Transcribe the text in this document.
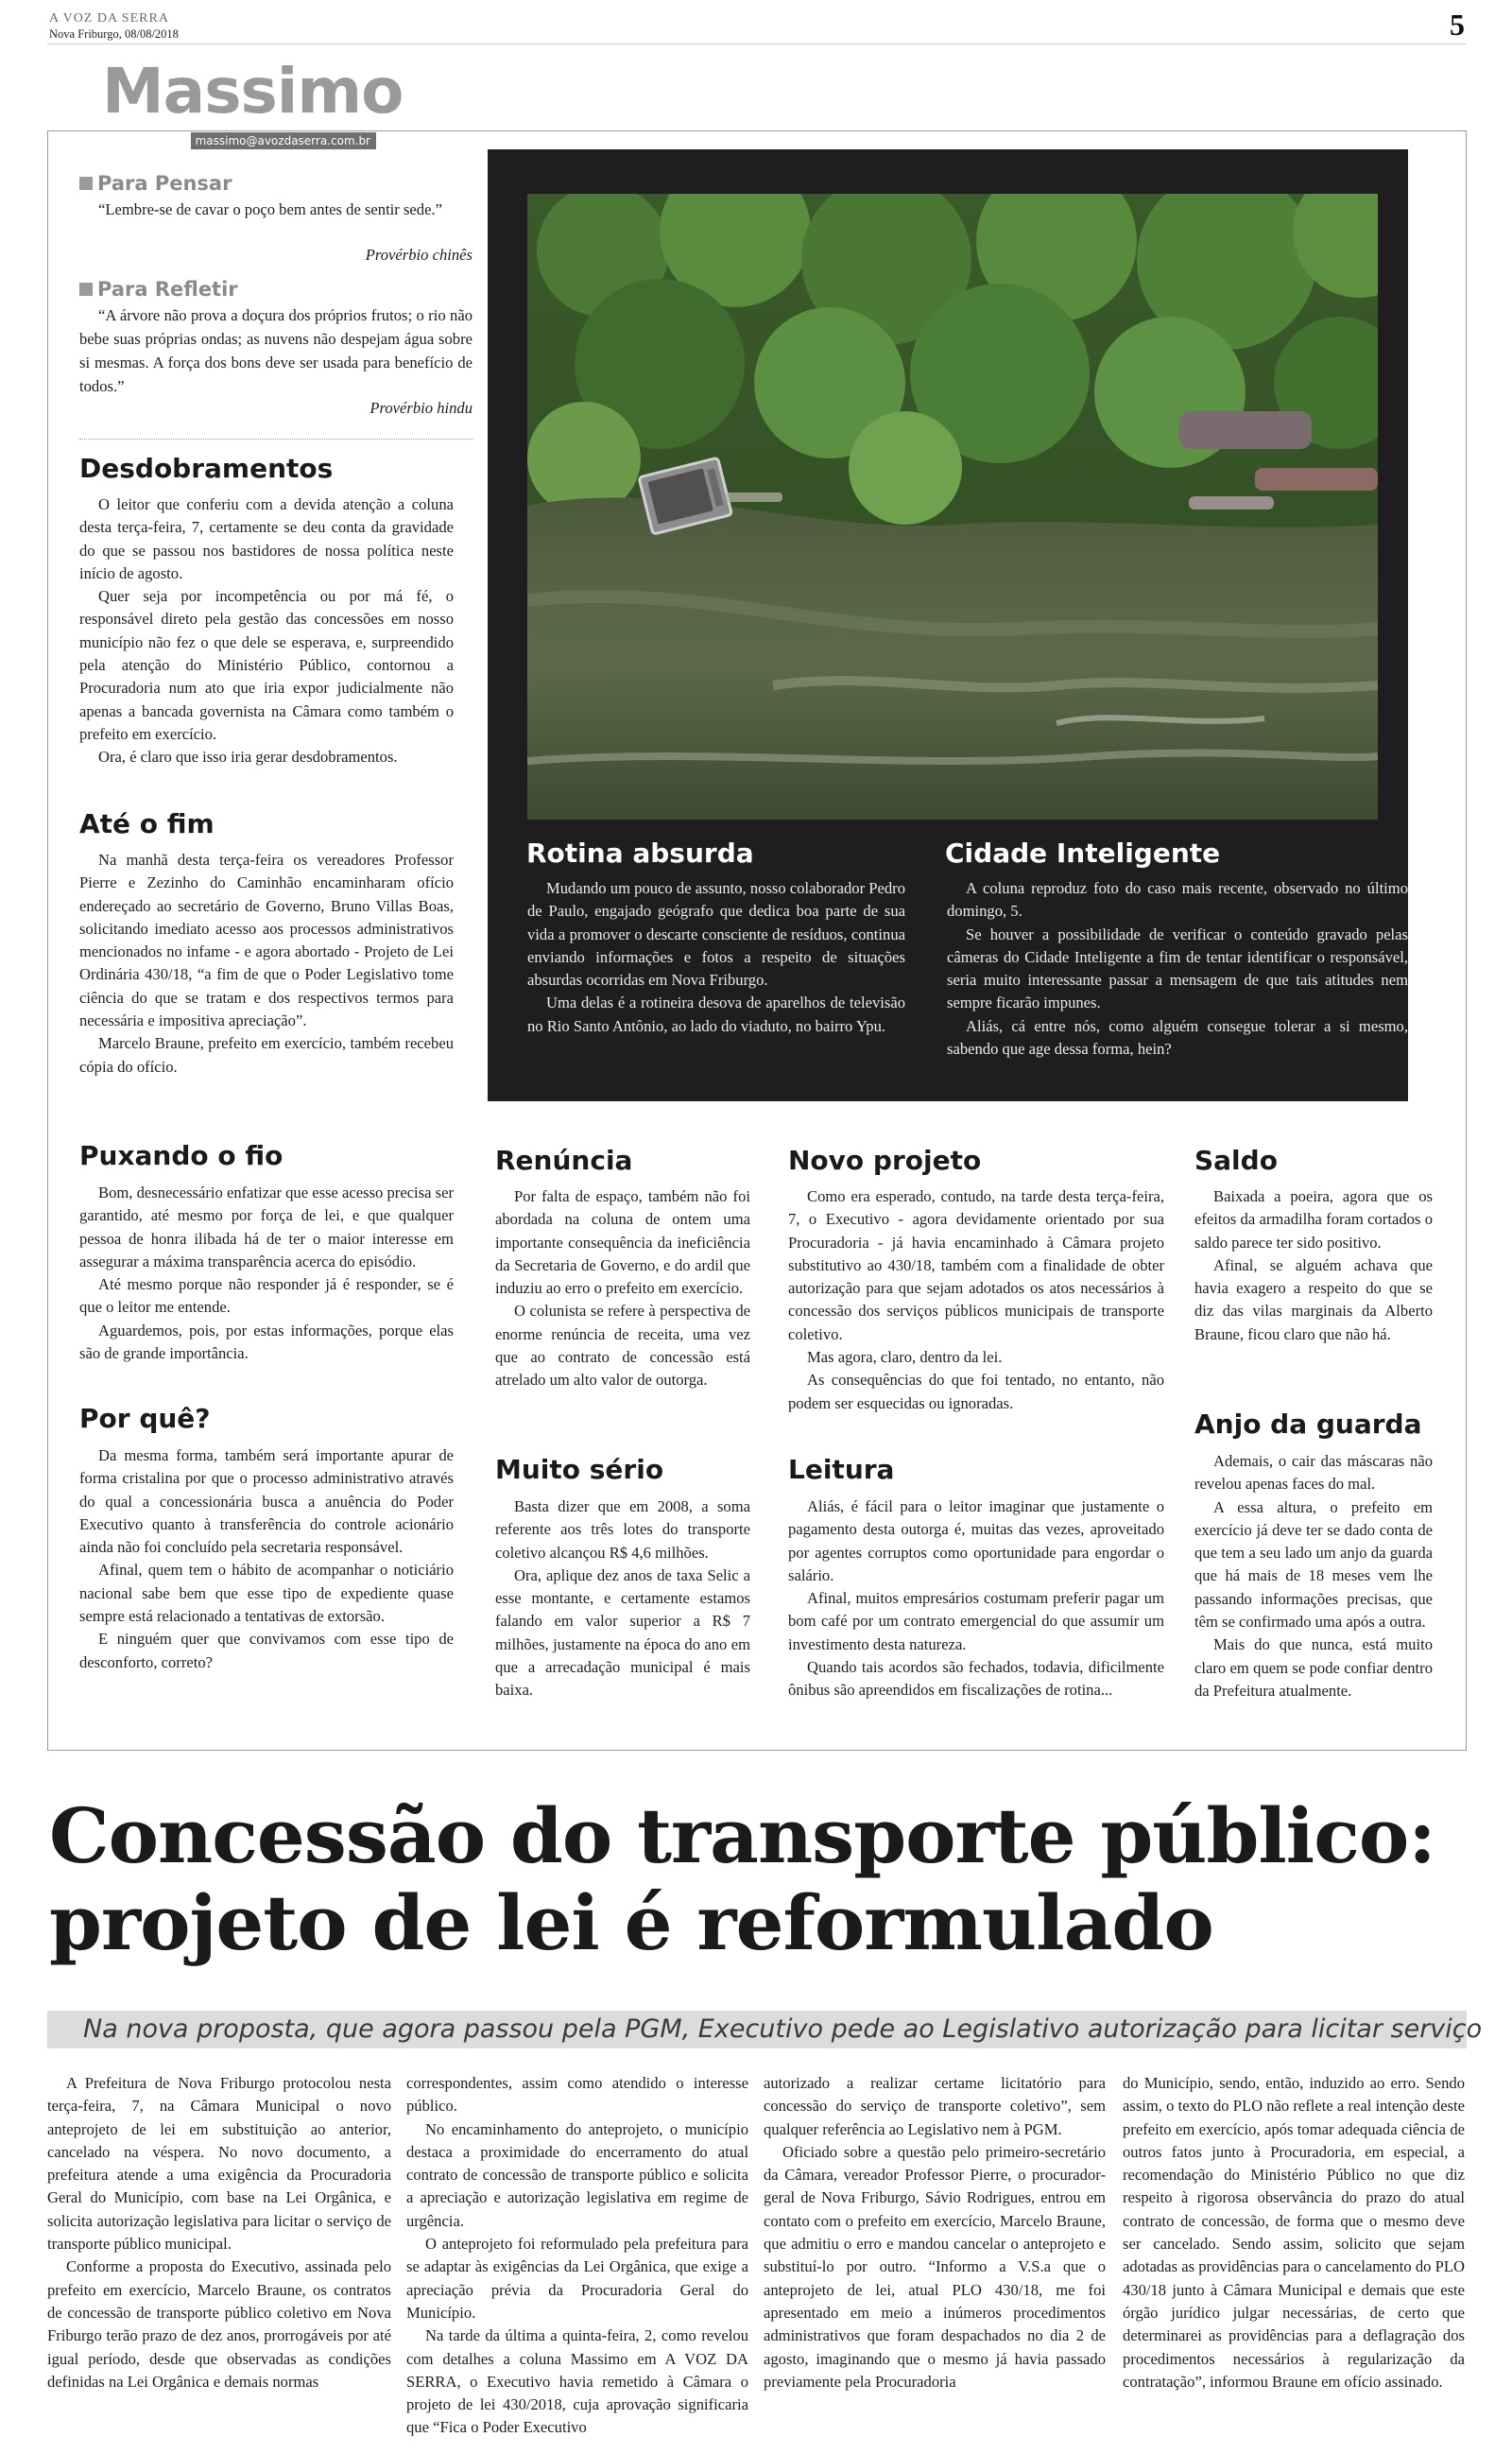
A VOZ DA SERRA
Nova Friburgo, 08/08/2018	5
Massimo
massimo@avozdaserra.com.br
Para Pensar

“Lembre-se de cavar o poço bem antes de sentir sede.”

Provérbio chinês
Para Refletir

“A árvore não prova a doçura dos próprios frutos; o rio não bebe suas próprias ondas; as nuvens não despejam água sobre si mesmas. A força dos bons deve ser usada para benefício de todos.”

Provérbio hindu
Desdobramentos

O leitor que conferiu com a devida atenção a coluna desta terça-feira, 7, certamente se deu conta da gravidade do que se passou nos bastidores de nossa política neste início de agosto.

Quer seja por incompetência ou por má fé, o responsável direto pela gestão das concessões em nosso município não fez o que dele se esperava, e, surpreendido pela atenção do Ministério Público, contornou a Procuradoria num ato que iria expor judicialmente não apenas a bancada governista na Câmara como também o prefeito em exercício.

Ora, é claro que isso iria gerar desdobramentos.

Até o fim

Na manhã desta terça-feira os vereadores Professor Pierre e Zezinho do Caminhão encaminharam ofício endereçado ao secretário de Governo, Bruno Villas Boas, solicitando imediato acesso aos processos administrativos mencionados no infame - e agora abortado - Projeto de Lei Ordinária 430/18, “a fim de que o Poder Legislativo tome ciência do que se tratam e dos respectivos termos para necessária e impositiva apreciação”.

Marcelo Braune, prefeito em exercício, também recebeu cópia do ofício.

Puxando o fio

Bom, desnecessário enfatizar que esse acesso precisa ser garantido, até mesmo por força de lei, e que qualquer pessoa de honra ilibada há de ter o maior interesse em assegurar a máxima transparência acerca do episódio.

Até mesmo porque não responder já é responder, se é que o leitor me entende.

Aguardemos, pois, por estas informações, porque elas são de grande importância.

Por quê?

Da mesma forma, também será importante apurar de forma cristalina por que o processo administrativo através do qual a concessionária busca a anuência do Poder Executivo quanto à transferência do controle acionário ainda não foi concluído pela secretaria responsável.

Afinal, quem tem o hábito de acompanhar o noticiário nacional sabe bem que esse tipo de expediente quase sempre está relacionado a tentativas de extorsão.

E ninguém quer que convivamos com esse tipo de desconforto, correto?

Rotina absurda

Mudando um pouco de assunto, nosso colaborador Pedro de Paulo, engajado geógrafo que dedica boa parte de sua vida a promover o descarte consciente de resíduos, continua enviando informações e fotos a respeito de situações absurdas ocorridas em Nova Friburgo.

Uma delas é a rotineira desova de aparelhos de televisão no Rio Santo Antônio, ao lado do viaduto, no bairro Ypu.

Cidade Inteligente

A coluna reproduz foto do caso mais recente, observado no último domingo, 5.

Se houver a possibilidade de verificar o conteúdo gravado pelas câmeras do Cidade Inteligente a fim de tentar identificar o responsável, seria muito interessante passar a mensagem de que tais atitudes nem sempre ficarão impunes.

Aliás, cá entre nós, como alguém consegue tolerar a si mesmo, sabendo que age dessa forma, hein?

Renúncia

Por falta de espaço, também não foi abordada na coluna de ontem uma importante consequência da ineficiência da Secretaria de Governo, e do ardil que induziu ao erro o prefeito em exercício.

O colunista se refere à perspectiva de enorme renúncia de receita, uma vez que ao contrato de concessão está atrelado um alto valor de outorga.

Muito sério

Basta dizer que em 2008, a soma referente aos três lotes do transporte coletivo alcançou R$ 4,6 milhões.

Ora, aplique dez anos de taxa Selic a esse montante, e certamente estamos falando em valor superior a R$ 7 milhões, justamente na época do ano em que a arrecadação municipal é mais baixa.

Novo projeto

Como era esperado, contudo, na tarde desta terça-feira, 7, o Executivo - agora devidamente orientado por sua Procuradoria - já havia encaminhado à Câmara projeto substitutivo ao 430/18, também com a finalidade de obter autorização para que sejam adotados os atos necessários à concessão dos serviços públicos municipais de transporte coletivo.

Mas agora, claro, dentro da lei.

As consequências do que foi tentado, no entanto, não podem ser esquecidas ou ignoradas.

Leitura

Aliás, é fácil para o leitor imaginar que justamente o pagamento desta outorga é, muitas das vezes, aproveitado por agentes corruptos como oportunidade para engordar o salário.

Afinal, muitos empresários costumam preferir pagar um bom café por um contrato emergencial do que assumir um investimento desta natureza.

Quando tais acordos são fechados, todavia, dificilmente ônibus são apreendidos em fiscalizações de rotina...

Saldo

Baixada a poeira, agora que os efeitos da armadilha foram cortados o saldo parece ter sido positivo.

Afinal, se alguém achava que havia exagero a respeito do que se diz das vilas marginais da Alberto Braune, ficou claro que não há.

Anjo da guarda

Ademais, o cair das máscaras não revelou apenas faces do mal.

A essa altura, o prefeito em exercício já deve ter se dado conta de que tem a seu lado um anjo da guarda que há mais de 18 meses vem lhe passando informações precisas, que têm se confirmado uma após a outra.

Mais do que nunca, está muito claro em quem se pode confiar dentro da Prefeitura atualmente.

Concessão do transporte público:
projeto de lei é reformulado
Na nova proposta, que agora passou pela PGM, Executivo pede ao Legislativo autorização para licitar serviço

A Prefeitura de Nova Friburgo protocolou nesta terça-feira, 7, na Câmara Municipal o novo anteprojeto de lei em substituição ao anterior, cancelado na véspera. No novo documento, a prefeitura atende a uma exigência da Procuradoria Geral do Município, com base na Lei Orgânica, e solicita autorização legislativa para licitar o serviço de transporte público municipal.

Conforme a proposta do Executivo, assinada pelo prefeito em exercício, Marcelo Braune, os contratos de concessão de transporte público coletivo em Nova Friburgo terão prazo de dez anos, prorrogáveis por até igual período, desde que observadas as condições definidas na Lei Orgânica e demais normas

correspondentes, assim como atendido o interesse público.

No encaminhamento do anteprojeto, o município destaca a proximidade do encerramento do atual contrato de concessão de transporte público e solicita a apreciação e autorização legislativa em regime de urgência.

O anteprojeto foi reformulado pela prefeitura para se adaptar às exigências da Lei Orgânica, que exige a apreciação prévia da Procuradoria Geral do Município.

Na tarde da última a quinta-feira, 2, como revelou com detalhes a coluna Massimo em A VOZ DA SERRA, o Executivo havia remetido à Câmara o projeto de lei 430/2018, cuja aprovação significaria que “Fica o Poder Executivo

autorizado a realizar certame licitatório para concessão do serviço de transporte coletivo”, sem qualquer referência ao Legislativo nem à PGM.

Oficiado sobre a questão pelo primeiro-secretário da Câmara, vereador Professor Pierre, o procurador-geral de Nova Friburgo, Sávio Rodrigues, entrou em contato com o prefeito em exercício, Marcelo Braune, que admitiu o erro e mandou cancelar o anteprojeto e substituí-lo por outro. “Informo a V.S.a que o anteprojeto de lei, atual PLO 430/18, me foi apresentado em meio a inúmeros procedimentos administrativos que foram despachados no dia 2 de agosto, imaginando que o mesmo já havia passado previamente pela Procuradoria

do Município, sendo, então, induzido ao erro. Sendo assim, o texto do PLO não reflete a real intenção deste prefeito em exercício, após tomar adequada ciência de outros fatos junto à Procuradoria, em especial, a recomendação do Ministério Público no que diz respeito à rigorosa observância do prazo do atual contrato de concessão, de forma que o mesmo deve ser cancelado. Sendo assim, solicito que sejam adotadas as providências para o cancelamento do PLO 430/18 junto à Câmara Municipal e demais que este órgão jurídico julgar necessárias, de certo que determinarei as providências para a deflagração dos procedimentos necessários à regularização da contratação”, informou Braune em ofício assinado.
